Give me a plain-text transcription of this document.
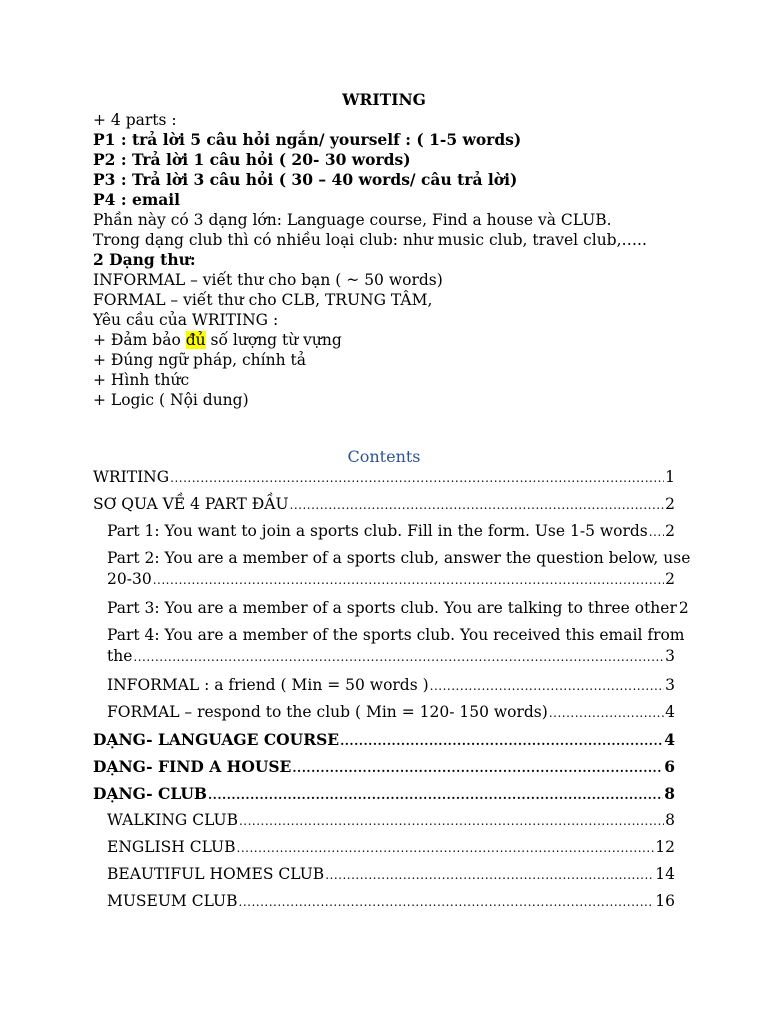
WRITING
+ 4 parts :
P1 : trả lời 5 câu hỏi ngắn/ yourself : ( 1-5 words)
P2 : Trả lời 1 câu hỏi ( 20- 30 words)
P3 : Trả lời 3 câu hỏi ( 30 – 40 words/ câu trả lời)
P4 : email
Phần này có 3 dạng lớn: Language course, Find a house và CLUB.
Trong dạng club thì có nhiều loại club: như music club, travel club,…..
2 Dạng thư:
INFORMAL – viết thư cho bạn ( ~ 50 words)
FORMAL – viết thư cho CLB, TRUNG TÂM,
Yêu cầu của WRITING :
+ Đảm bảo đủ số lượng từ vựng
+ Đúng ngữ pháp, chính tả
+ Hình thức
+ Logic ( Nội dung)
Contents
WRITING .....	1
SƠ QUA VỀ 4 PART ĐẦU .....	2
Part 1: You want to join a sports club. Fill in the form. Use 1-5 words ..... 2
Part 2: You are a member of a sports club, answer the question below, use
20-30 .....	2
Part 3: You are a member of a sports club. You are talking to three other 2
Part 4: You are a member of the sports club. You received this email from
the .....	3
INFORMAL : a friend ( Min = 50 words ) .....	3
FORMAL – respond to the club ( Min = 120- 150 words) .....	4
DẠNG- LANGUAGE COURSE .....	4
DẠNG- FIND A HOUSE .....	6
DẠNG- CLUB .....	8
WALKING CLUB .....	8
ENGLISH CLUB .....	12
BEAUTIFUL HOMES CLUB .....	14
MUSEUM CLUB .....	16
